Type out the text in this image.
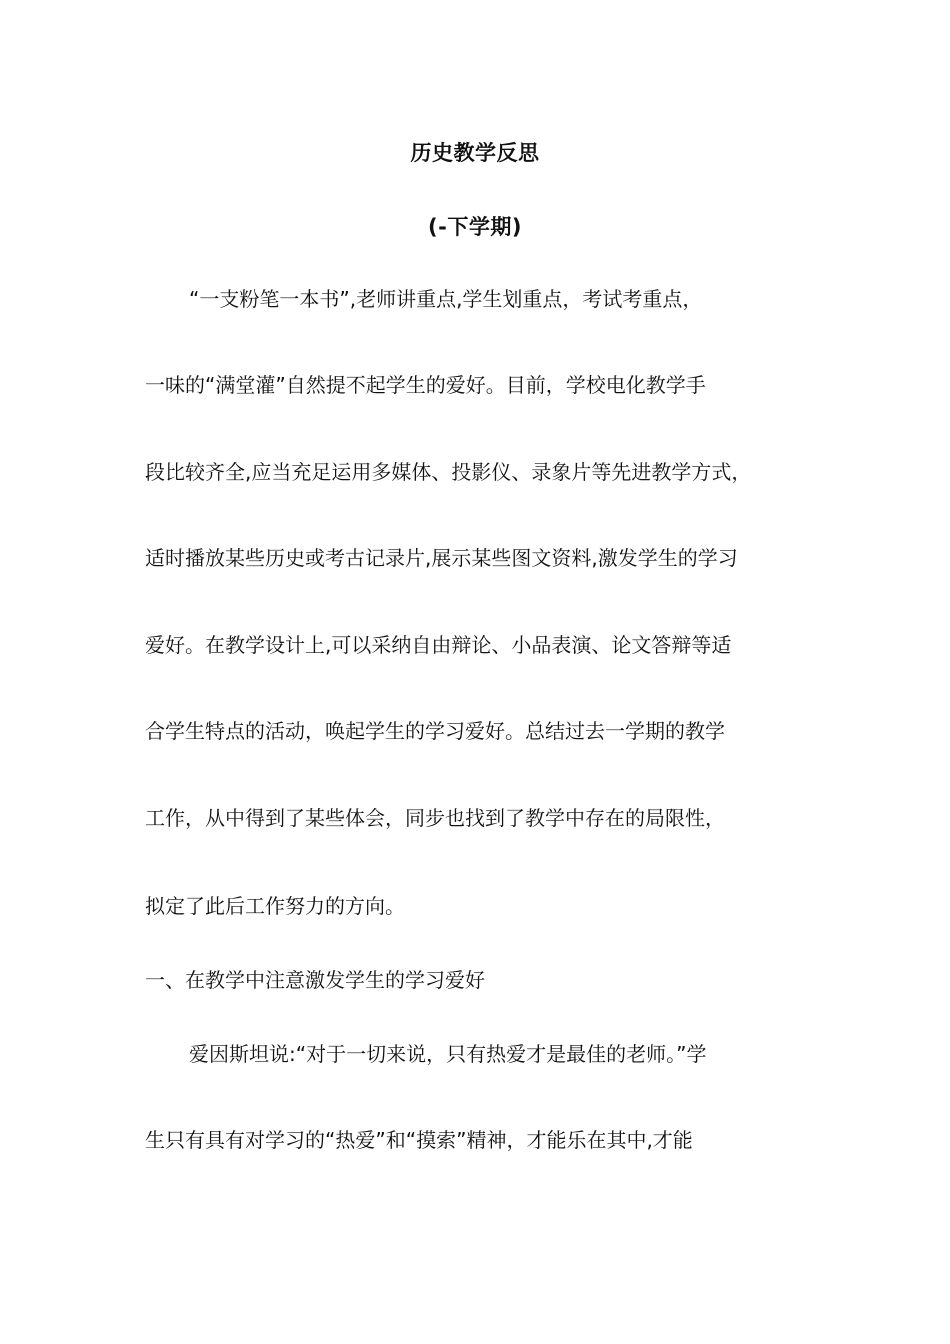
历史教学反思
(-下学期)
“一支粉笔一本书”,老师讲重点,学生划重点，考试考重点，
一味的“满堂灌”自然提不起学生的爱好。目前，学校电化教学手
段比较齐全,应当充足运用多媒体、投影仪、录象片等先进教学方式，
适时播放某些历史或考古记录片,展示某些图文资料,激发学生的学习
爱好。在教学设计上,可以采纳自由辩论、小品表演、论文答辩等适
合学生特点的活动，唤起学生的学习爱好。总结过去一学期的教学
工作，从中得到了某些体会，同步也找到了教学中存在的局限性，
拟定了此后工作努力的方向。
一、在教学中注意激发学生的学习爱好
爱因斯坦说:“对于一切来说，只有热爱才是最佳的老师。”学
生只有具有对学习的“热爱”和“摸索”精神，才能乐在其中,才能
